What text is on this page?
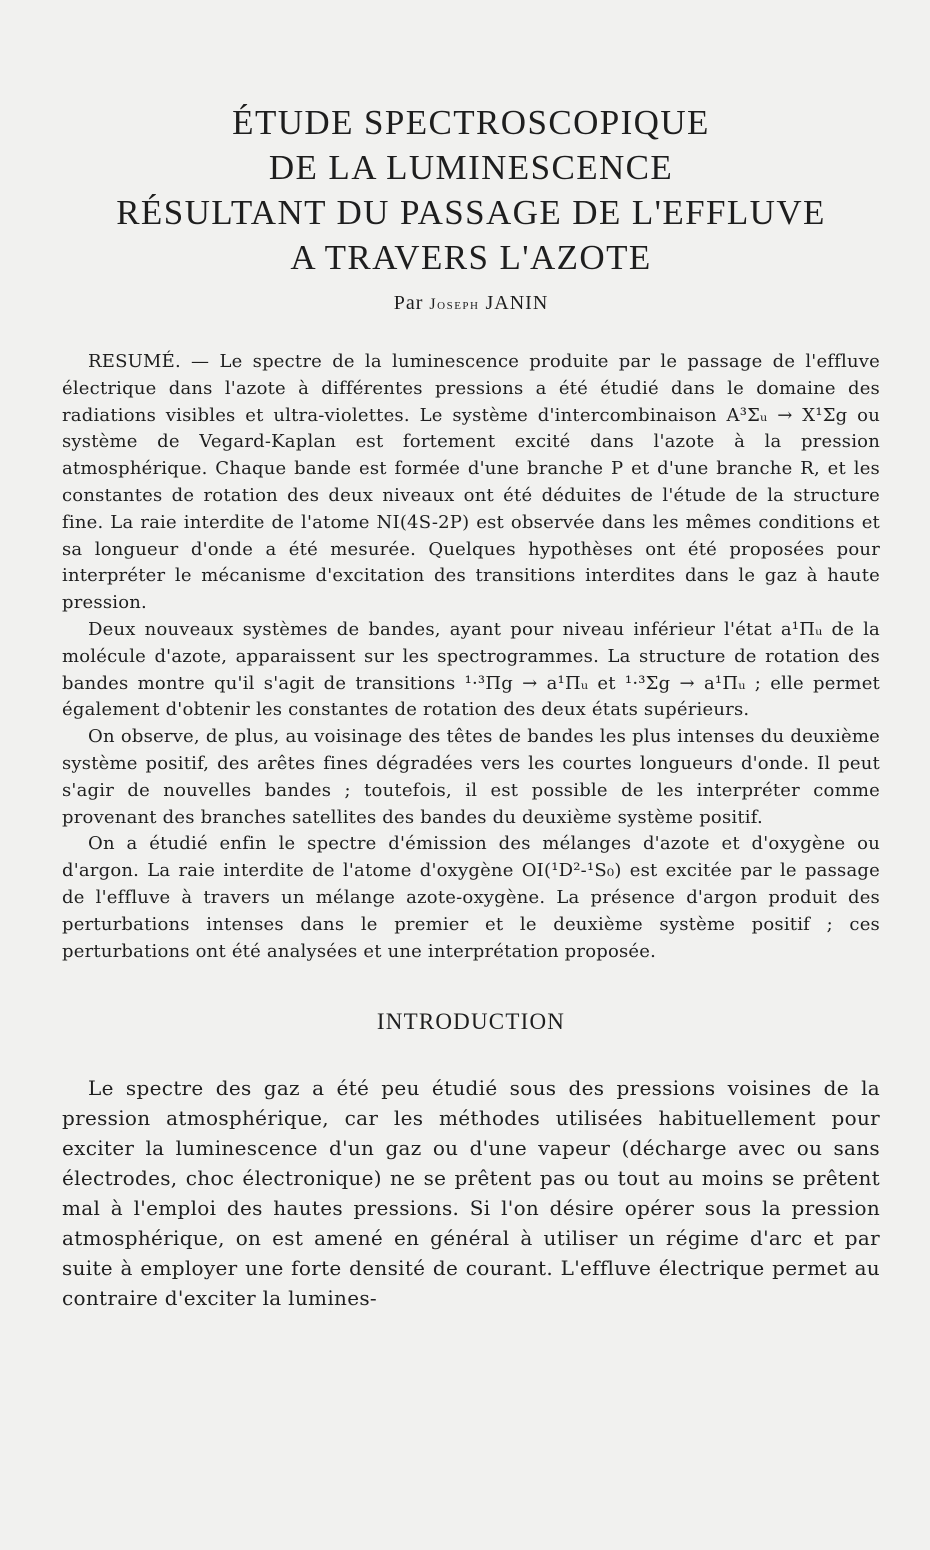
ÉTUDE SPECTROSCOPIQUE
DE LA LUMINESCENCE
RÉSULTANT DU PASSAGE DE L'EFFLUVE
A TRAVERS L'AZOTE
Par Joseph JANIN

RESUMÉ. — Le spectre de la luminescence produite par le passage de l'effluve électrique dans l'azote à différentes pressions a été étudié dans le domaine des radiations visibles et ultra-violettes. Le système d'intercombinaison A³Σᵤ → X¹Σg ou système de Vegard-Kaplan est fortement excité dans l'azote à la pression atmosphérique. Chaque bande est formée d'une branche P et d'une branche R, et les constantes de rotation des deux niveaux ont été déduites de l'étude de la structure fine. La raie interdite de l'atome NI(4S-2P) est observée dans les mêmes conditions et sa longueur d'onde a été mesurée. Quelques hypothèses ont été proposées pour interpréter le mécanisme d'excitation des transitions interdites dans le gaz à haute pression.

Deux nouveaux systèmes de bandes, ayant pour niveau inférieur l'état a¹Πᵤ de la molécule d'azote, apparaissent sur les spectrogrammes. La structure de rotation des bandes montre qu'il s'agit de transitions ¹·³Πg → a¹Πᵤ et ¹·³Σg → a¹Πᵤ ; elle permet également d'obtenir les constantes de rotation des deux états supérieurs.

On observe, de plus, au voisinage des têtes de bandes les plus intenses du deuxième système positif, des arêtes fines dégradées vers les courtes longueurs d'onde. Il peut s'agir de nouvelles bandes ; toutefois, il est possible de les interpréter comme provenant des branches satellites des bandes du deuxième système positif.

On a étudié enfin le spectre d'émission des mélanges d'azote et d'oxygène ou d'argon. La raie interdite de l'atome d'oxygène OI(¹D²-¹S₀) est excitée par le passage de l'effluve à travers un mélange azote-oxygène. La présence d'argon produit des perturbations intenses dans le premier et le deuxième système positif ; ces perturbations ont été analysées et une interprétation proposée.

INTRODUCTION

Le spectre des gaz a été peu étudié sous des pressions voisines de la pression atmosphérique, car les méthodes utilisées habituellement pour exciter la luminescence d'un gaz ou d'une vapeur (décharge avec ou sans électrodes, choc électronique) ne se prêtent pas ou tout au moins se prêtent mal à l'emploi des hautes pressions. Si l'on désire opérer sous la pression atmosphérique, on est amené en général à utiliser un régime d'arc et par suite à employer une forte densité de courant. L'effluve électrique permet au contraire d'exciter la lumines-
